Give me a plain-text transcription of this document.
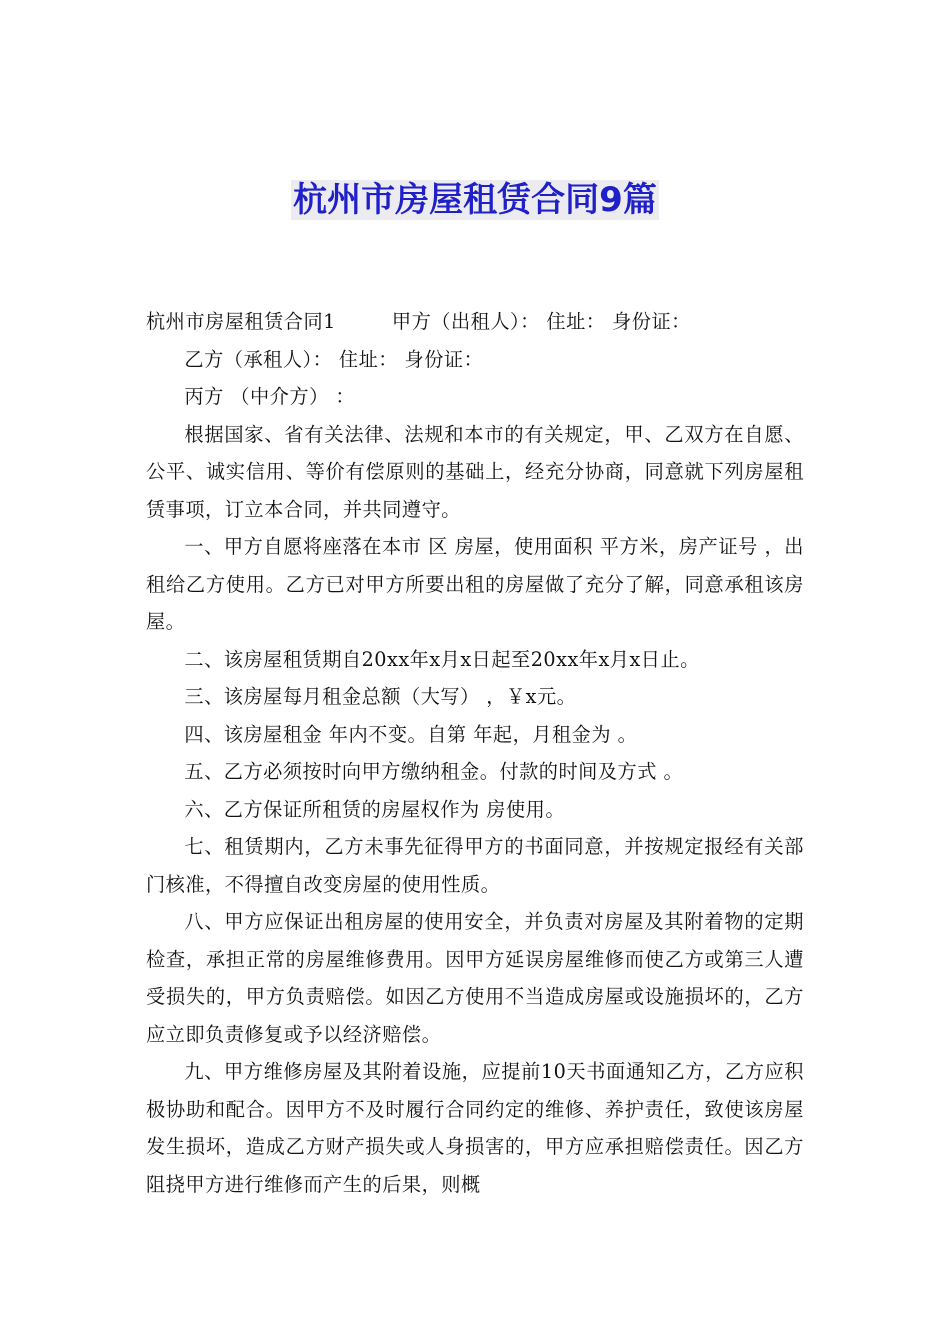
杭州市房屋租赁合同9篇

杭州市房屋租赁合同1	甲方（出租人）： 住址： 身份证：

乙方（承租人）： 住址： 身份证：

丙方 （中介方） ：

根据国家、省有关法律、法规和本市的有关规定，甲、乙双方在自愿、公平、诚实信用、等价有偿原则的基础上，经充分协商，同意就下列房屋租赁事项，订立本合同，并共同遵守。

一、甲方自愿将座落在本市 区 房屋，使用面积 平方米，房产证号 ，出租给乙方使用。乙方已对甲方所要出租的房屋做了充分了解，同意承租该房屋。

二、该房屋租赁期自20xx年x月x日起至20xx年x月x日止。

三、该房屋每月租金总额（大写） ，￥x元。

四、该房屋租金 年内不变。自第 年起，月租金为 。

五、乙方必须按时向甲方缴纳租金。付款的时间及方式 。

六、乙方保证所租赁的房屋权作为 房使用。

七、租赁期内，乙方未事先征得甲方的书面同意，并按规定报经有关部门核准，不得擅自改变房屋的使用性质。

八、甲方应保证出租房屋的使用安全，并负责对房屋及其附着物的定期检查，承担正常的房屋维修费用。因甲方延误房屋维修而使乙方或第三人遭受损失的，甲方负责赔偿。如因乙方使用不当造成房屋或设施损坏的，乙方应立即负责修复或予以经济赔偿。

九、甲方维修房屋及其附着设施，应提前10天书面通知乙方，乙方应积极协助和配合。因甲方不及时履行合同约定的维修、养护责任，致使该房屋发生损坏，造成乙方财产损失或人身损害的，甲方应承担赔偿责任。因乙方阻挠甲方进行维修而产生的后果，则概
